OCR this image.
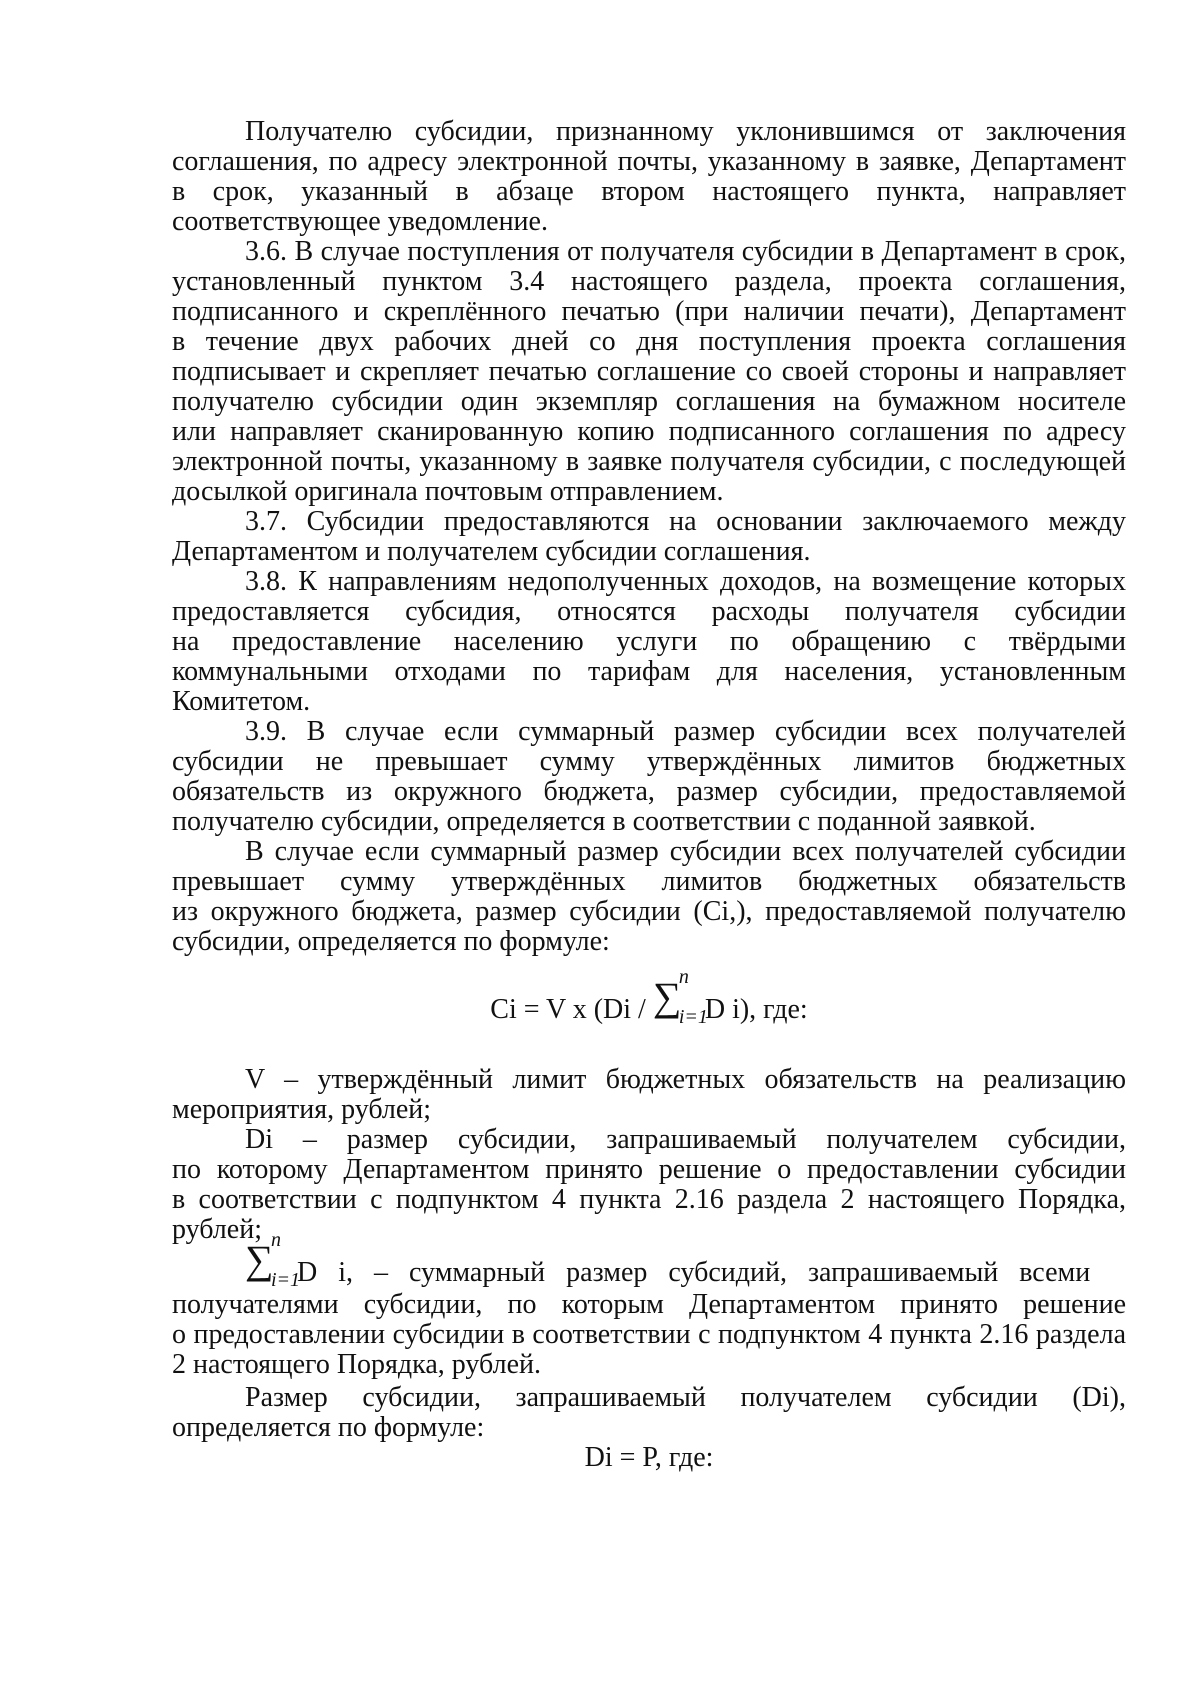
Получателю субсидии, признанному уклонившимся от заключения
соглашения, по адресу электронной почты, указанному в заявке, Департамент
в срок, указанный в абзаце втором настоящего пункта, направляет
соответствующее уведомление.
3.6. В случае поступления от получателя субсидии в Департамент в срок,
установленный пунктом 3.4 настоящего раздела, проекта соглашения,
подписанного и скреплённого печатью (при наличии печати), Департамент
в течение двух рабочих дней со дня поступления проекта соглашения
подписывает и скрепляет печатью соглашение со своей стороны и направляет
получателю субсидии один экземпляр соглашения на бумажном носителе
или направляет сканированную копию подписанного соглашения по адресу
электронной почты, указанному в заявке получателя субсидии, с последующей
досылкой оригинала почтовым отправлением.
3.7. Субсидии предоставляются на основании заключаемого между
Департаментом и получателем субсидии соглашения.
3.8. К направлениям недополученных доходов, на возмещение которых
предоставляется субсидия, относятся расходы получателя субсидии
на предоставление населению услуги по обращению с твёрдыми
коммунальными отходами по тарифам для населения, установленным
Комитетом.
3.9. В случае если суммарный размер субсидии всех получателей
субсидии не превышает сумму утверждённых лимитов бюджетных
обязательств из окружного бюджета, размер субсидии, предоставляемой
получателю субсидии, определяется в соответствии с поданной заявкой.
В случае если суммарный размер субсидии всех получателей субсидии
превышает сумму утверждённых лимитов бюджетных обязательств
из окружного бюджета, размер субсидии (Ci,), предоставляемой получателю
субсидии, определяется по формуле:
Ci = V x (Di / ∑
n
i=1
D i), где:
V – утверждённый лимит бюджетных обязательств на реализацию
мероприятия, рублей;
Di – размер субсидии, запрашиваемый получателем субсидии,
по которому Департаментом принято решение о предоставлении субсидии
в соответствии с подпунктом 4 пункта 2.16 раздела 2 настоящего Порядка,
рублей;
∑
n
i=1
D i, – суммарный размер субсидий, запрашиваемый всеми
получателями субсидии, по которым Департаментом принято решение
о предоставлении субсидии в соответствии с подпунктом 4 пункта 2.16 раздела
2 настоящего Порядка, рублей.
Размер субсидии, запрашиваемый получателем субсидии (Di),
определяется по формуле:
Di = P, где:
